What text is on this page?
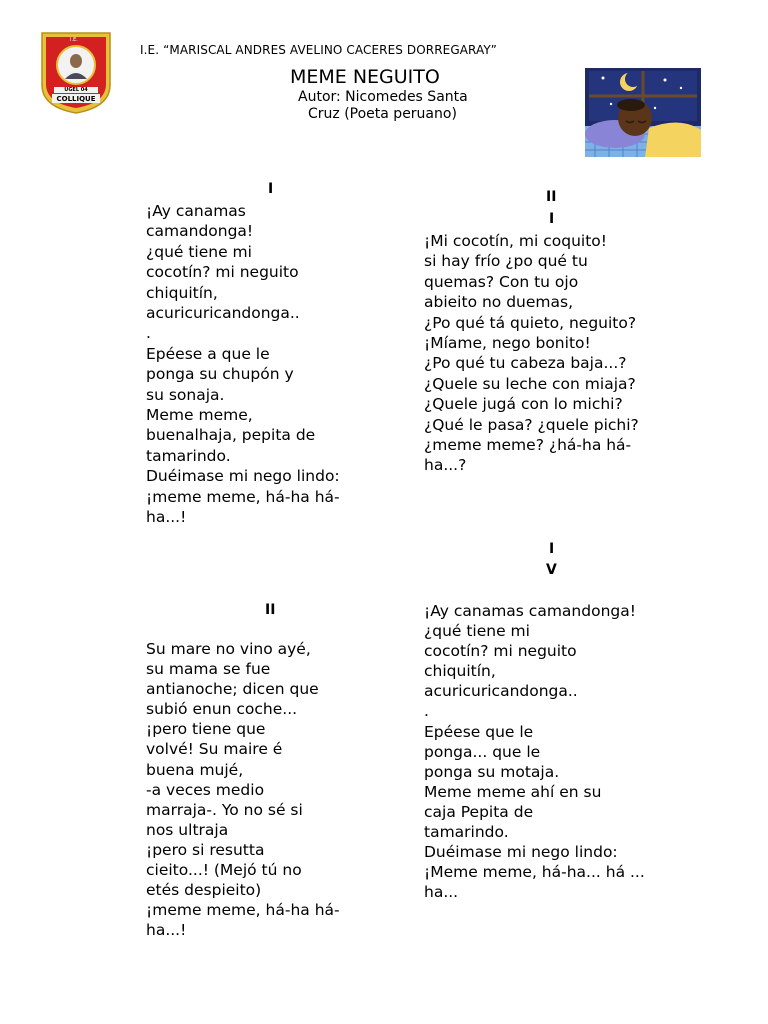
I.E.
UGEL 04
COLLIQUE
I.E. “MARISCAL ANDRES AVELINO CACERES DORREGARAY”
MEME NEGUITO
Autor: Nicomedes Santa
Cruz (Poeta peruano)
I
¡Ay canamas
camandonga!
¿qué tiene mi
cocotín? mi neguito
chiquitín,
acuricuricandonga..
.
Epéese a que le
ponga su chupón y
su sonaja.
Meme meme,
buenalhaja, pepita de
tamarindo.
Duéimase mi nego lindo:
¡meme meme, há-ha há-
ha...!
II
I
¡Mi cocotín, mi coquito!
si hay frío ¿po qué tu
quemas? Con tu ojo
abieito no duemas,
¿Po qué tá quieto, neguito?
¡Míame, nego bonito!
¿Po qué tu cabeza baja...?
¿Quele su leche con miaja?
¿Quele jugá con lo michi?
¿Qué le pasa? ¿quele pichi?
¿meme meme? ¿há-ha há-
ha...?
II
Su mare no vino ayé,
su mama se fue
antianoche; dicen que
subió enun coche...
¡pero tiene que
volvé! Su maire é
buena mujé,
-a veces medio
marraja-. Yo no sé si
nos ultraja
¡pero si resutta
cieito...! (Mejó tú no
etés despieito)
¡meme meme, há-ha há-
ha...!
I
V
¡Ay canamas camandonga!
¿qué tiene mi
cocotín? mi neguito
chiquitín,
acuricuricandonga..
.
Epéese que le
ponga... que le
ponga su motaja.
Meme meme ahí en su
caja Pepita de
tamarindo.
Duéimase mi nego lindo:
¡Meme meme, há-ha... há ...
ha...
